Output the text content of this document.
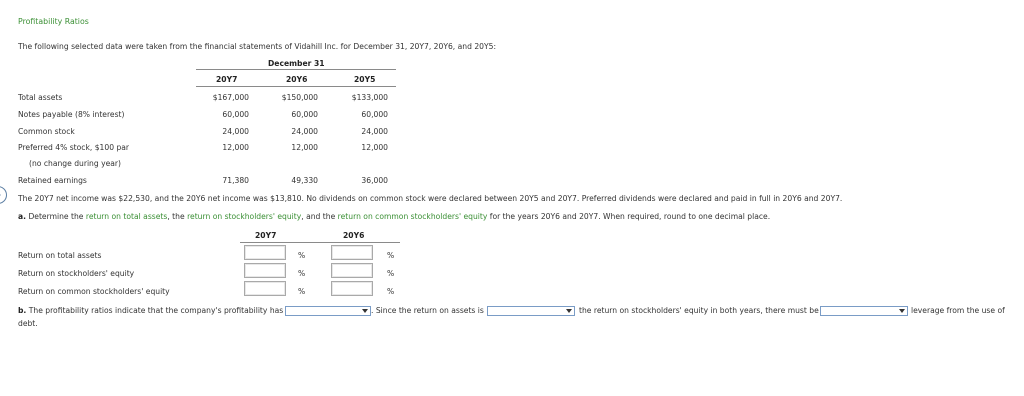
Profitability Ratios
The following selected data were taken from the financial statements of Vidahill Inc. for December 31, 20Y7, 20Y6, and 20Y5:
December 31
20Y7	20Y6	20Y5
Total assets	$167,000	$150,000	$133,000
Notes payable (8% interest)	60,000	60,000	60,000
Common stock	24,000	24,000	24,000
Preferred 4% stock, $100 par	12,000	12,000	12,000
(no change during year)
Retained earnings	71,380	49,330	36,000
The 20Y7 net income was $22,530, and the 20Y6 net income was $13,810. No dividends on common stock were declared between 20Y5 and 20Y7. Preferred dividends were declared and paid in full in 20Y6 and 20Y7.
a. Determine the return on total assets, the return on stockholders' equity, and the return on common stockholders' equity for the years 20Y6 and 20Y7. When required, round to one decimal place.
20Y7	20Y6
Return on total assets	%	%
Return on stockholders' equity	%	%
Return on common stockholders' equity	%	%
b. The profitability ratios indicate that the company's profitability has	. Since the return on assets is	the return on stockholders' equity in both years, there must be	leverage from the use of
debt.
